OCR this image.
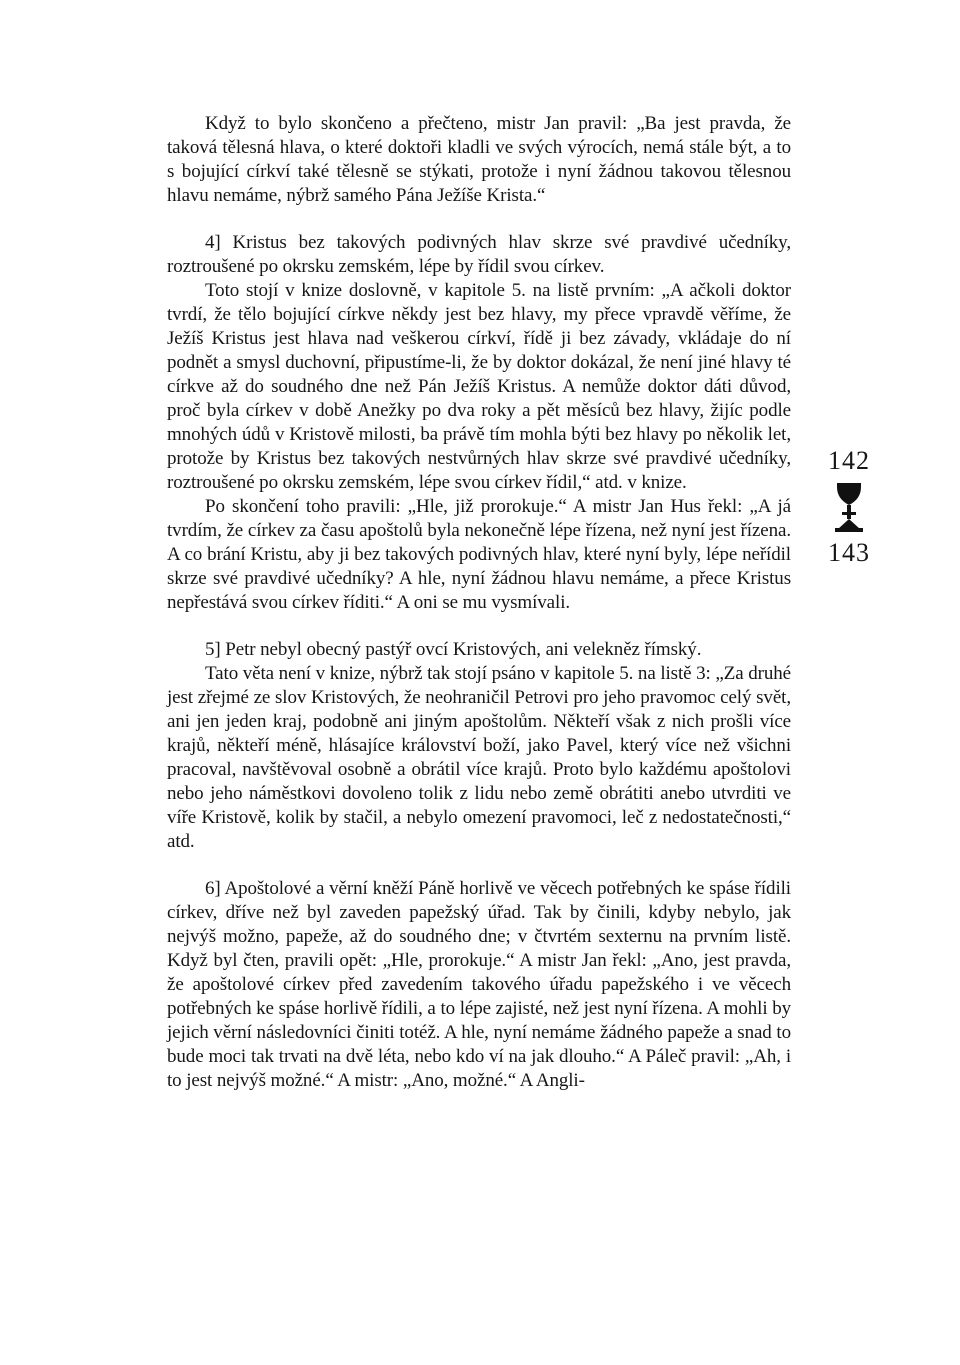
Když to bylo skončeno a přečteno, mistr Jan pravil: „Ba jest pravda, že taková tělesná hlava, o které doktoři kladli ve svých výrocích, nemá stále být, a to s bojující církví také tělesně se stýkati, protože i nyní žádnou takovou tělesnou hlavu nemáme, nýbrž samého Pána Ježíše Krista.“

4] Kristus bez takových podivných hlav skrze své pravdivé učedníky, roztroušené po okrsku zemském, lépe by řídil svou církev.

Toto stojí v knize doslovně, v kapitole 5. na listě prvním: „A ačkoli doktor tvrdí, že tělo bojující církve někdy jest bez hlavy, my přece vpravdě věříme, že Ježíš Kristus jest hlava nad veškerou církví, řídě ji bez závady, vkládaje do ní podnět a smysl duchovní, připustíme-li, že by doktor dokázal, že není jiné hlavy té církve až do soudného dne než Pán Ježíš Kristus. A nemůže doktor dáti důvod, proč byla církev v době Anežky po dva roky a pět měsíců bez hlavy, žijíc podle mnohých údů v Kristově milosti, ba právě tím mohla býti bez hlavy po několik let, protože by Kristus bez takových nestvůrných hlav skrze své pravdivé učedníky, roztroušené po okrsku zemském, lépe svou církev řídil,“ atd. v knize.

Po skončení toho pravili: „Hle, již prorokuje.“ A mistr Jan Hus řekl: „A já tvrdím, že církev za času apoštolů byla nekonečně lépe řízena, než nyní jest řízena. A co brání Kristu, aby ji bez takových podivných hlav, které nyní byly, lépe neřídil skrze své pravdivé učedníky? A hle, nyní žádnou hlavu nemáme, a přece Kristus nepřestává svou církev říditi.“ A oni se mu vysmívali.

5] Petr nebyl obecný pastýř ovcí Kristových, ani velekněz římský.

Tato věta není v knize, nýbrž tak stojí psáno v kapitole 5. na listě 3: „Za druhé jest zřejmé ze slov Kristových, že neohraničil Petrovi pro jeho pravomoc celý svět, ani jen jeden kraj, podobně ani jiným apoštolům. Někteří však z nich prošli více krajů, někteří méně, hlásajíce království boží, jako Pavel, který více než všichni pracoval, navštěvoval osobně a obrátil více krajů. Proto bylo každému apoštolovi nebo jeho náměstkovi dovoleno tolik z lidu nebo země obrátiti anebo utvrditi ve víře Kristově, kolik by stačil, a nebylo omezení pravomoci, leč z nedostatečnosti,“ atd.

6] Apoštolové a věrní kněží Páně horlivě ve věcech potřebných ke spáse řídili církev, dříve než byl zaveden papežský úřad. Tak by činili, kdyby nebylo, jak nejvýš možno, papeže, až do soudného dne; v čtvrtém sexternu na prvním listě. Když byl čten, pravili opět: „Hle, prorokuje.“ A mistr Jan řekl: „Ano, jest pravda, že apoštolové církev před zavedením takového úřadu papežského i ve věcech potřebných ke spáse horlivě řídili, a to lépe zajisté, než jest nyní řízena. A mohli by jejich věrní následovníci činiti totéž. A hle, nyní nemáme žádného papeže a snad to bude moci tak trvati na dvě léta, nebo kdo ví na jak dlouho.“ A Páleč pravil: „Ah, i to jest nejvýš možné.“ A mistr: „Ano, možné.“ A Angli-

142
143
